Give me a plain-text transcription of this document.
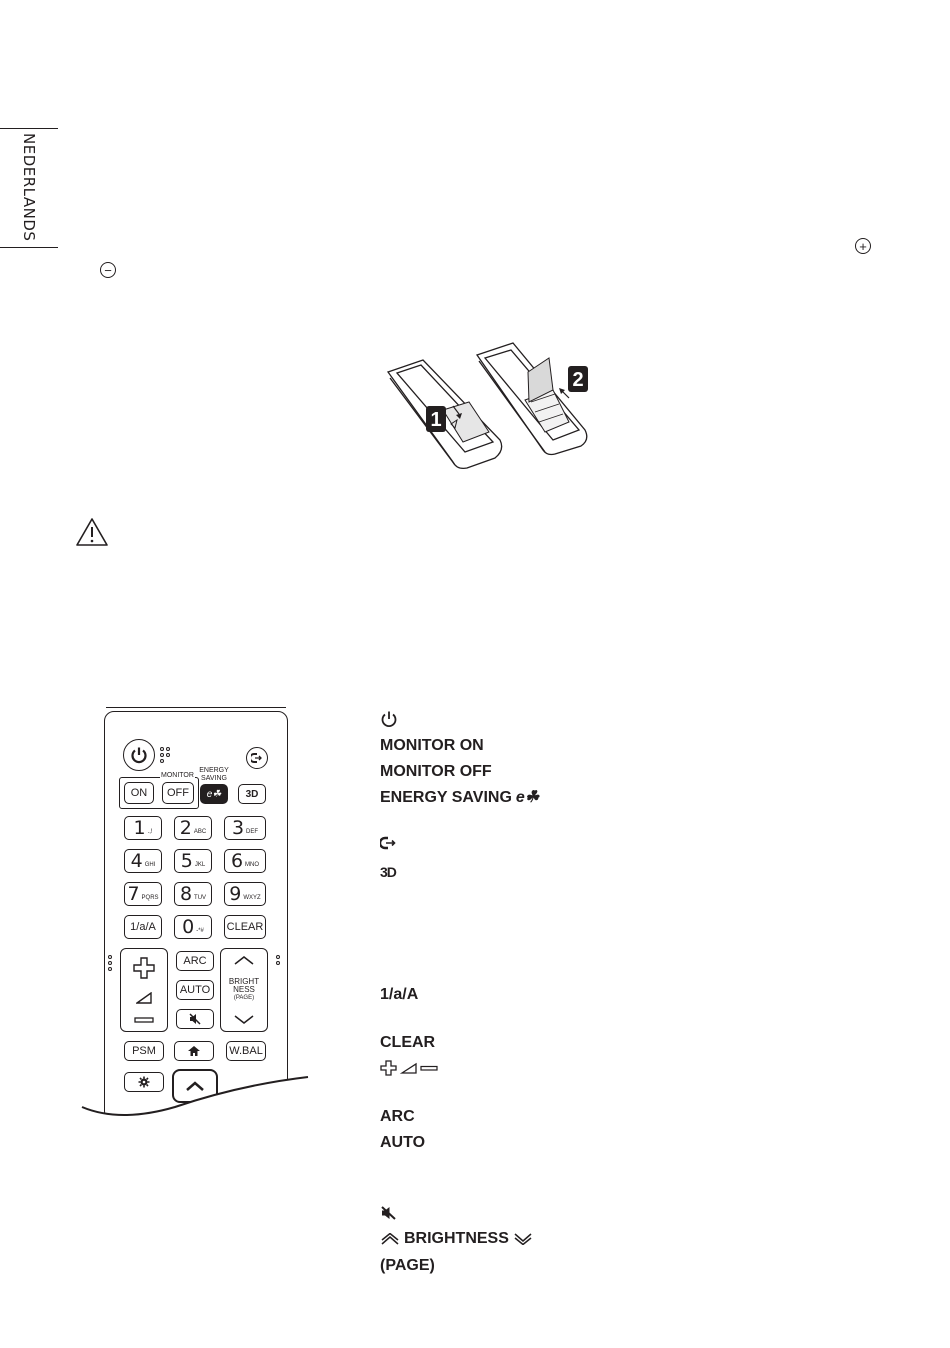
NEDERLANDS
+
−
1
2
MONITOR
ON	OFF
ENERGY
SAVING
e☘	3D
1 .,! 2 ABC 3 DEF
4 GHI 5 JKL 6 MNO
7 PQRS 8 TUV 9 WXYZ
1/a/A	0 -*# CLEAR
ARC
AUTO
BRIGHT
NESS
(PAGE)
PSM	W.BAL
MONITOR ON
MONITOR OFF
ENERGY SAVING e☘
3D
1/a/A
CLEAR
ARC
AUTO
BRIGHTNESS
(PAGE)
